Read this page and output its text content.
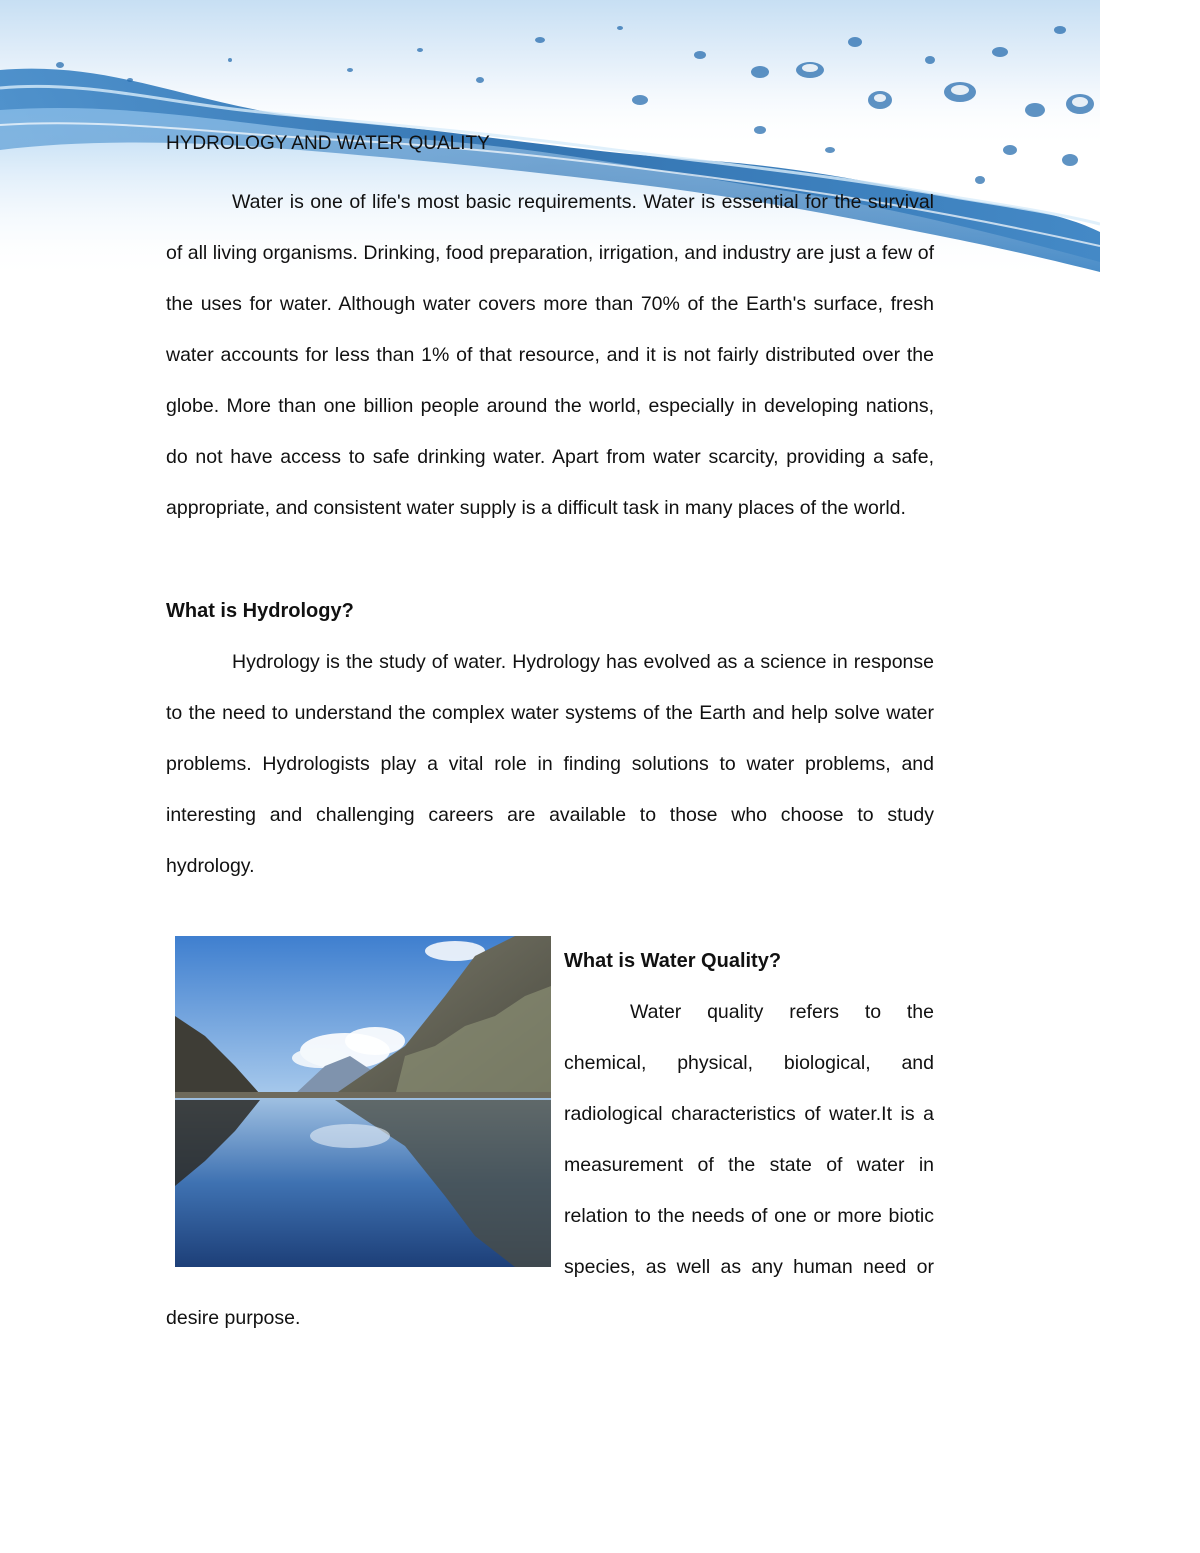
HYDROLOGY AND WATER QUALITY

Water is one of life's most basic requirements. Water is essential for the survival of all living organisms. Drinking, food preparation, irrigation, and industry are just a few of the uses for water. Although water covers more than 70% of the Earth's surface, fresh water accounts for less than 1% of that resource, and it is not fairly distributed over the globe. More than one billion people around the world, especially in developing nations, do not have access to safe drinking water. Apart from water scarcity, providing a safe, appropriate, and consistent water supply is a difficult task in many places of the world.

What is Hydrology?

Hydrology is the study of water. Hydrology has evolved as a science in response to the need to understand the complex water systems of the Earth and help solve water problems. Hydrologists play a vital role in finding solutions to water problems, and interesting and challenging careers are available to those who choose to study hydrology.

What is Water Quality?

Water quality refers to the chemical, physical, biological, and radiological characteristics of water.It is a measurement of the state of water in relation to the needs of one or more biotic species, as well as any human need or desire purpose.
